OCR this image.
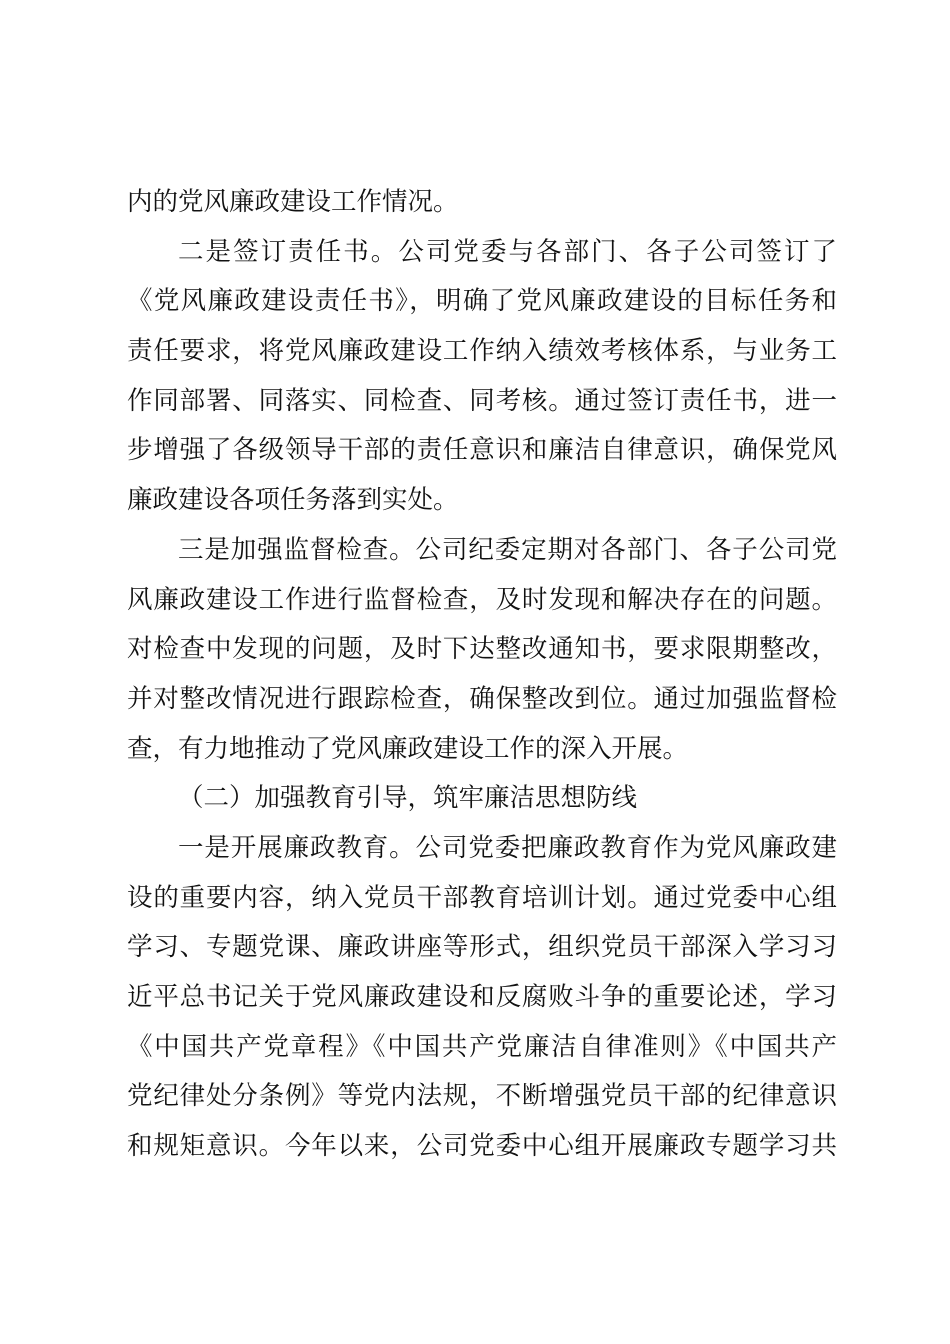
内的党风廉政建设工作情况。
二是签订责任书。公司党委与各部门、各子公司签订了
《党风廉政建设责任书》，明确了党风廉政建设的目标任务和
责任要求，将党风廉政建设工作纳入绩效考核体系，与业务工
作同部署、同落实、同检查、同考核。通过签订责任书，进一
步增强了各级领导干部的责任意识和廉洁自律意识，确保党风
廉政建设各项任务落到实处。
三是加强监督检查。公司纪委定期对各部门、各子公司党
风廉政建设工作进行监督检查，及时发现和解决存在的问题。
对检查中发现的问题，及时下达整改通知书，要求限期整改，
并对整改情况进行跟踪检查，确保整改到位。通过加强监督检
查，有力地推动了党风廉政建设工作的深入开展。
（二）加强教育引导，筑牢廉洁思想防线
一是开展廉政教育。公司党委把廉政教育作为党风廉政建
设的重要内容，纳入党员干部教育培训计划。通过党委中心组
学习、专题党课、廉政讲座等形式，组织党员干部深入学习习
近平总书记关于党风廉政建设和反腐败斗争的重要论述，学习
《中国共产党章程》《中国共产党廉洁自律准则》《中国共产
党纪律处分条例》等党内法规，不断增强党员干部的纪律意识
和规矩意识。今年以来，公司党委中心组开展廉政专题学习共
